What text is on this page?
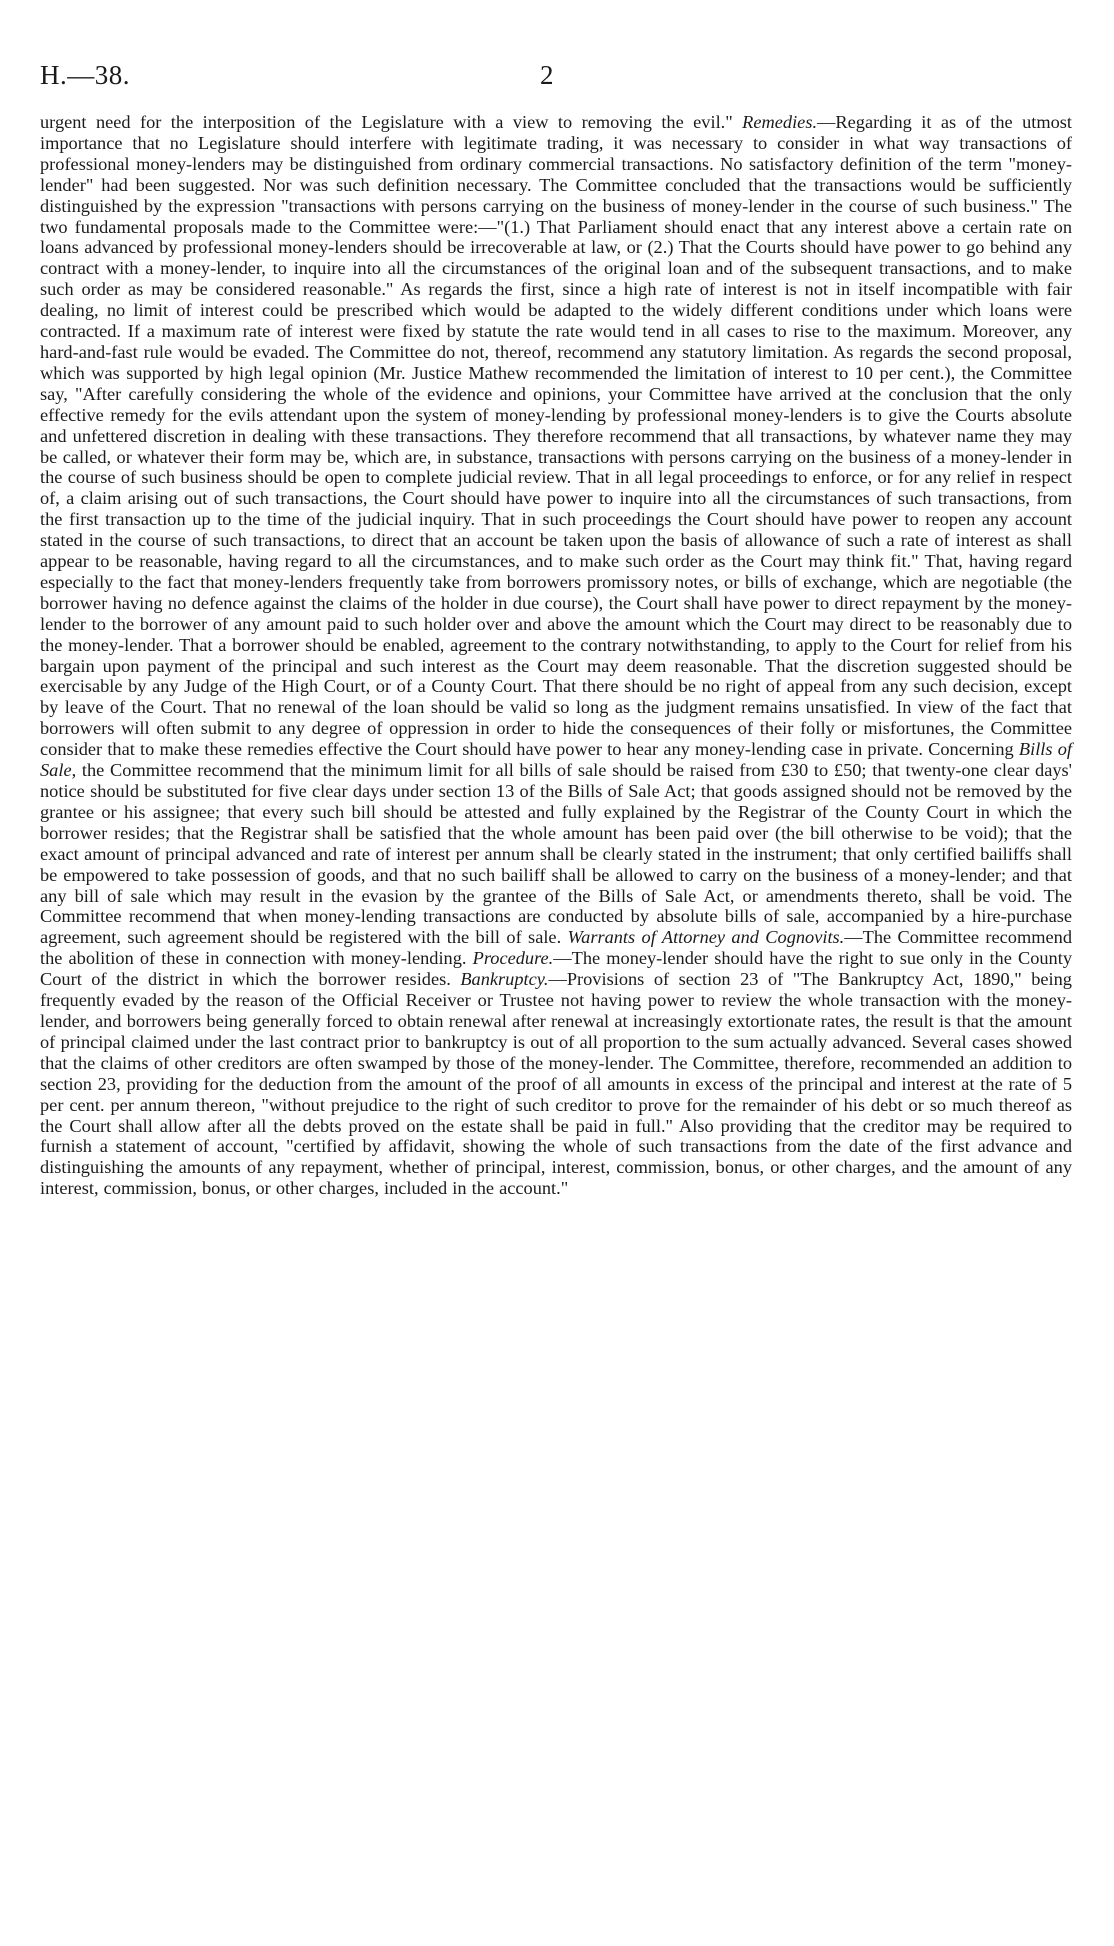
H.—38.	2

urgent need for the interposition of the Legislature with a view to removing the evil." Remedies.—Regarding it as of the utmost importance that no Legislature should interfere with legitimate trading, it was necessary to consider in what way transactions of professional money-lenders may be distinguished from ordinary commercial transactions. No satisfactory definition of the term "money-lender" had been suggested. Nor was such definition necessary. The Committee concluded that the transactions would be sufficiently distinguished by the expression "transactions with persons carrying on the business of money-lender in the course of such business." The two fundamental proposals made to the Committee were:—"(1.) That Parliament should enact that any interest above a certain rate on loans advanced by professional money-lenders should be irrecoverable at law, or (2.) That the Courts should have power to go behind any contract with a money-lender, to inquire into all the circumstances of the original loan and of the subsequent transactions, and to make such order as may be considered reasonable." As regards the first, since a high rate of interest is not in itself incompatible with fair dealing, no limit of interest could be prescribed which would be adapted to the widely different conditions under which loans were contracted. If a maximum rate of interest were fixed by statute the rate would tend in all cases to rise to the maximum. Moreover, any hard-and-fast rule would be evaded. The Committee do not, thereof, recommend any statutory limitation. As regards the second proposal, which was supported by high legal opinion (Mr. Justice Mathew recommended the limitation of interest to 10 per cent.), the Committee say, "After carefully considering the whole of the evidence and opinions, your Committee have arrived at the conclusion that the only effective remedy for the evils attendant upon the system of money-lending by professional money-lenders is to give the Courts absolute and unfettered discretion in dealing with these transactions. They therefore recommend that all transactions, by whatever name they may be called, or whatever their form may be, which are, in substance, transactions with persons carrying on the business of a money-lender in the course of such business should be open to complete judicial review. That in all legal proceedings to enforce, or for any relief in respect of, a claim arising out of such transactions, the Court should have power to inquire into all the circumstances of such transactions, from the first transaction up to the time of the judicial inquiry. That in such proceedings the Court should have power to reopen any account stated in the course of such transactions, to direct that an account be taken upon the basis of allowance of such a rate of interest as shall appear to be reasonable, having regard to all the circumstances, and to make such order as the Court may think fit." That, having regard especially to the fact that money-lenders frequently take from borrowers promissory notes, or bills of exchange, which are negotiable (the borrower having no defence against the claims of the holder in due course), the Court shall have power to direct repayment by the money-lender to the borrower of any amount paid to such holder over and above the amount which the Court may direct to be reasonably due to the money-lender. That a borrower should be enabled, agreement to the contrary notwithstanding, to apply to the Court for relief from his bargain upon payment of the principal and such interest as the Court may deem reasonable. That the discretion suggested should be exercisable by any Judge of the High Court, or of a County Court. That there should be no right of appeal from any such decision, except by leave of the Court. That no renewal of the loan should be valid so long as the judgment remains unsatisfied. In view of the fact that borrowers will often submit to any degree of oppression in order to hide the consequences of their folly or misfortunes, the Committee consider that to make these remedies effective the Court should have power to hear any money-lending case in private. Concerning Bills of Sale, the Committee recommend that the minimum limit for all bills of sale should be raised from £30 to £50; that twenty-one clear days' notice should be substituted for five clear days under section 13 of the Bills of Sale Act; that goods assigned should not be removed by the grantee or his assignee; that every such bill should be attested and fully explained by the Registrar of the County Court in which the borrower resides; that the Registrar shall be satisfied that the whole amount has been paid over (the bill otherwise to be void); that the exact amount of principal advanced and rate of interest per annum shall be clearly stated in the instrument; that only certified bailiffs shall be empowered to take possession of goods, and that no such bailiff shall be allowed to carry on the business of a money-lender; and that any bill of sale which may result in the evasion by the grantee of the Bills of Sale Act, or amendments thereto, shall be void. The Committee recommend that when money-lending transactions are conducted by absolute bills of sale, accompanied by a hire-purchase agreement, such agreement should be registered with the bill of sale. Warrants of Attorney and Cognovits.—The Committee recommend the abolition of these in connection with money-lending. Procedure.—The money-lender should have the right to sue only in the County Court of the district in which the borrower resides. Bankruptcy.—Provisions of section 23 of "The Bankruptcy Act, 1890," being frequently evaded by the reason of the Official Receiver or Trustee not having power to review the whole transaction with the money-lender, and borrowers being generally forced to obtain renewal after renewal at increasingly extortionate rates, the result is that the amount of principal claimed under the last contract prior to bankruptcy is out of all proportion to the sum actually advanced. Several cases showed that the claims of other creditors are often swamped by those of the money-lender. The Committee, therefore, recommended an addition to section 23, providing for the deduction from the amount of the proof of all amounts in excess of the principal and interest at the rate of 5 per cent. per annum thereon, "without prejudice to the right of such creditor to prove for the remainder of his debt or so much thereof as the Court shall allow after all the debts proved on the estate shall be paid in full." Also providing that the creditor may be required to furnish a statement of account, "certified by affidavit, showing the whole of such transactions from the date of the first advance and distinguishing the amounts of any repayment, whether of principal, interest, commission, bonus, or other charges, and the amount of any interest, commission, bonus, or other charges, included in the account."
